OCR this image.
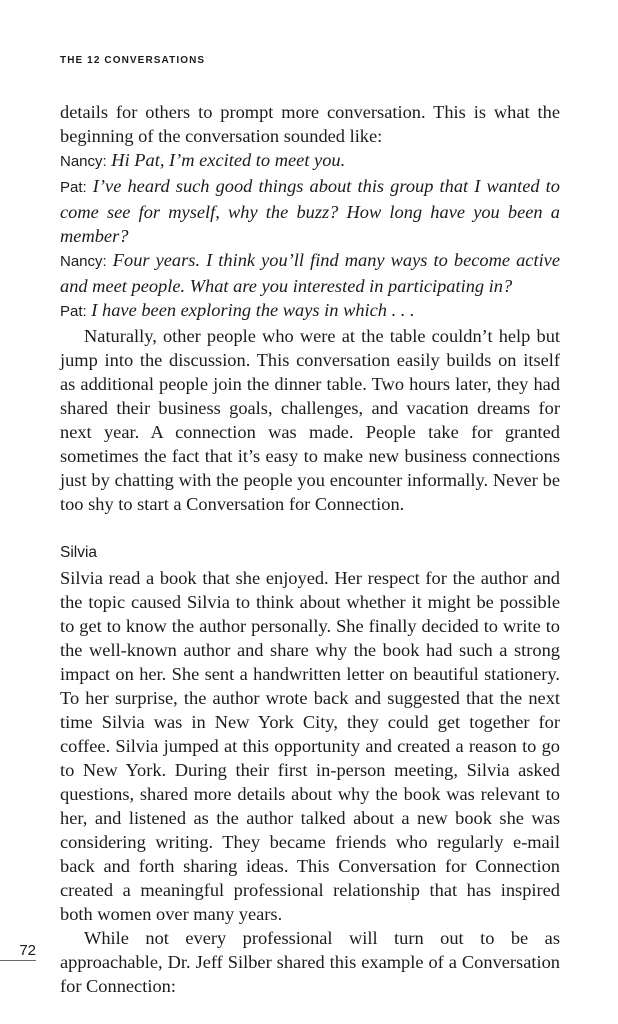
THE 12 CONVERSATIONS

details for others to prompt more conversation. This is what the beginning of the conversation sounded like:

Nancy: Hi Pat, I’m excited to meet you.
Pat: I’ve heard such good things about this group that I wanted to come see for myself, why the buzz? How long have you been a member?
Nancy: Four years. I think you’ll find many ways to become active and meet people. What are you interested in participating in?
Pat: I have been exploring the ways in which . . .

Naturally, other people who were at the table couldn’t help but jump into the discussion. This conversation easily builds on itself as additional people join the dinner table. Two hours later, they had shared their business goals, challenges, and vacation dreams for next year. A connection was made. People take for granted sometimes the fact that it’s easy to make new business connections just by chatting with the people you encounter informally. Never be too shy to start a Conversation for Connection.

Silvia

Silvia read a book that she enjoyed. Her respect for the author and the topic caused Silvia to think about whether it might be possible to get to know the author personally. She finally decided to write to the well-known author and share why the book had such a strong impact on her. She sent a handwritten letter on beautiful stationery. To her surprise, the author wrote back and suggested that the next time Silvia was in New York City, they could get together for coffee. Silvia jumped at this opportunity and created a reason to go to New York. During their first in-person meeting, Silvia asked questions, shared more details about why the book was relevant to her, and listened as the author talked about a new book she was considering writing. They became friends who regularly e-mail back and forth sharing ideas. This Conversation for Connection created a meaningful professional relationship that has inspired both women over many years.

While not every professional will turn out to be as approachable, Dr. Jeff Silber shared this example of a Conversation for Connection:

72
